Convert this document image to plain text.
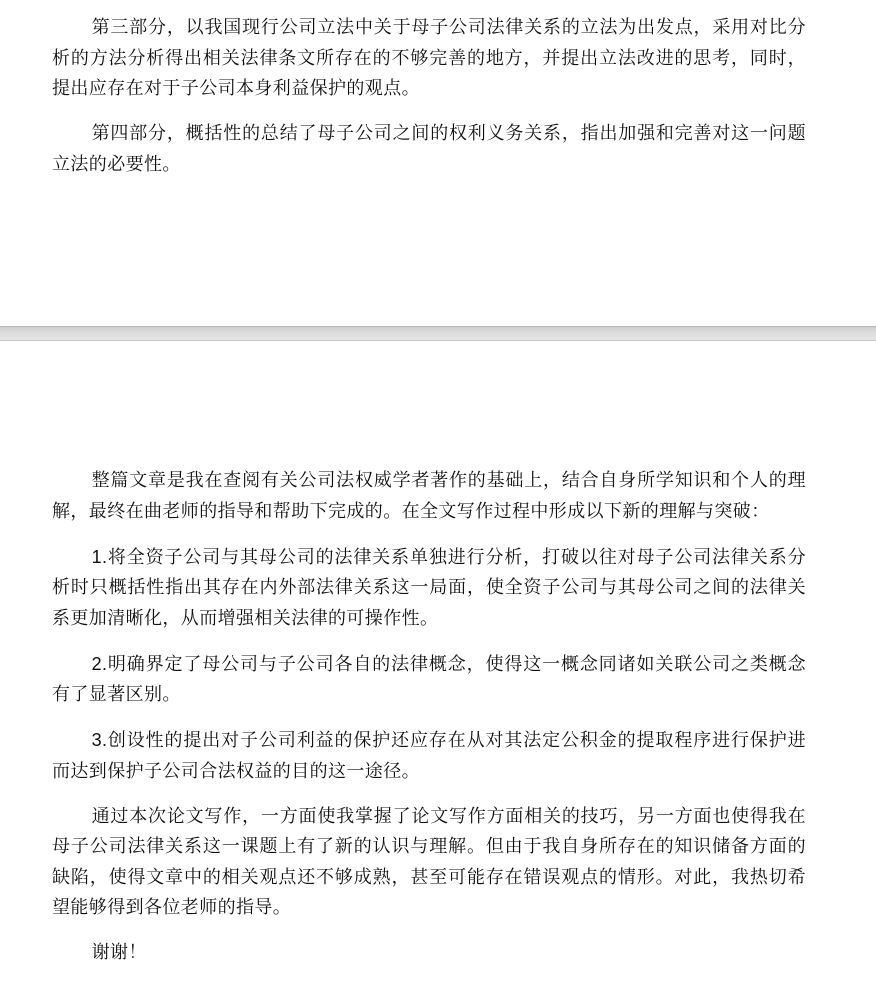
第三部分，以我国现行公司立法中关于母子公司法律关系的立法为出发点，采用对比分析的方法分析得出相关法律条文所存在的不够完善的地方，并提出立法改进的思考，同时，提出应存在对于子公司本身利益保护的观点。

第四部分，概括性的总结了母子公司之间的权利义务关系，指出加强和完善对这一问题立法的必要性。

整篇文章是我在查阅有关公司法权威学者著作的基础上，结合自身所学知识和个人的理解，最终在曲老师的指导和帮助下完成的。在全文写作过程中形成以下新的理解与突破：

1.将全资子公司与其母公司的法律关系单独进行分析，打破以往对母子公司法律关系分析时只概括性指出其存在内外部法律关系这一局面，使全资子公司与其母公司之间的法律关系更加清晰化，从而增强相关法律的可操作性。

2.明确界定了母公司与子公司各自的法律概念，使得这一概念同诸如关联公司之类概念有了显著区别。

3.创设性的提出对子公司利益的保护还应存在从对其法定公积金的提取程序进行保护进而达到保护子公司合法权益的目的这一途径。

通过本次论文写作，一方面使我掌握了论文写作方面相关的技巧，另一方面也使得我在母子公司法律关系这一课题上有了新的认识与理解。但由于我自身所存在的知识储备方面的缺陷，使得文章中的相关观点还不够成熟，甚至可能存在错误观点的情形。对此，我热切希望能够得到各位老师的指导。

谢谢！
